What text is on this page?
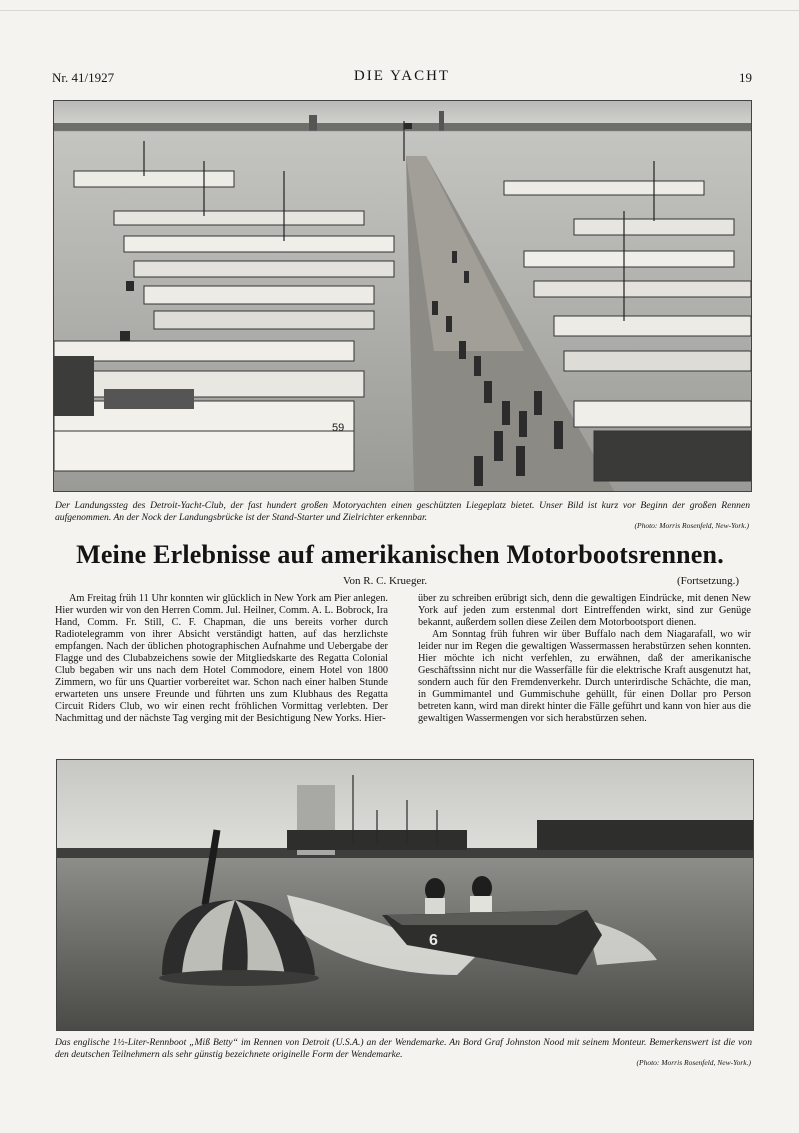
Nr. 41/1927	DIE YACHT	19
59
Der Landungssteg des Detroit-Yacht-Club, der fast hundert großen Motoryachten einen geschützten Liegeplatz bietet. Unser Bild ist kurz vor Beginn der großen Rennen aufgenommen. An der Nock der Landungsbrücke ist der Stand-Starter und Zielrichter erkennbar.
(Photo: Morris Rosenfeld, New-York.)
Meine Erlebnisse auf amerikanischen Motorbootsrennen.
Von R. C. Krueger.	(Fortsetzung.)

Am Freitag früh 11 Uhr konnten wir glücklich in New York am Pier anlegen. Hier wurden wir von den Herren Comm. Jul. Heilner, Comm. A. L. Bobrock, Ira Hand, Comm. Fr. Still, C. F. Chapman, die uns bereits vorher durch Radiotelegramm von ihrer Absicht verständigt hatten, auf das herzlichste empfangen. Nach der üblichen photographischen Aufnahme und Uebergabe der Flagge und des Clubabzeichens sowie der Mitgliedskarte des Regatta Colonial Club begaben wir uns nach dem Hotel Commodore, einem Hotel von 1800 Zimmern, wo für uns Quartier vorbereitet war. Schon nach einer halben Stunde erwarteten uns unsere Freunde und führten uns zum Klubhaus des Regatta Circuit Riders Club, wo wir einen recht fröhlichen Vormittag verlebten. Der Nachmittag und der nächste Tag verging mit der Besichtigung New Yorks. Hier-

über zu schreiben erübrigt sich, denn die gewaltigen Eindrücke, mit denen New York auf jeden zum erstenmal dort Eintreffenden wirkt, sind zur Genüge bekannt, außerdem sollen diese Zeilen dem Motorbootsport dienen.

Am Sonntag früh fuhren wir über Buffalo nach dem Niagarafall, wo wir leider nur im Regen die gewaltigen Wassermassen herabstürzen sehen konnten. Hier möchte ich nicht verfehlen, zu erwähnen, daß der amerikanische Geschäftssinn nicht nur die Wasserfälle für die elektrische Kraft ausgenutzt hat, sondern auch für den Fremdenverkehr. Durch unterirdische Schächte, die man, in Gummimantel und Gummischuhe gehüllt, für einen Dollar pro Person betreten kann, wird man direkt hinter die Fälle geführt und kann von hier aus die gewaltigen Wassermengen vor sich herabstürzen sehen.

6
Das englische 1½-Liter-Rennboot „Miß Betty“ im Rennen von Detroit (U.S.A.) an der Wendemarke. An Bord Graf Johnston Nood mit seinem Monteur. Bemerkenswert ist die von den deutschen Teilnehmern als sehr günstig bezeichnete originelle Form der Wendemarke.
(Photo: Morris Rosenfeld, New-York.)
